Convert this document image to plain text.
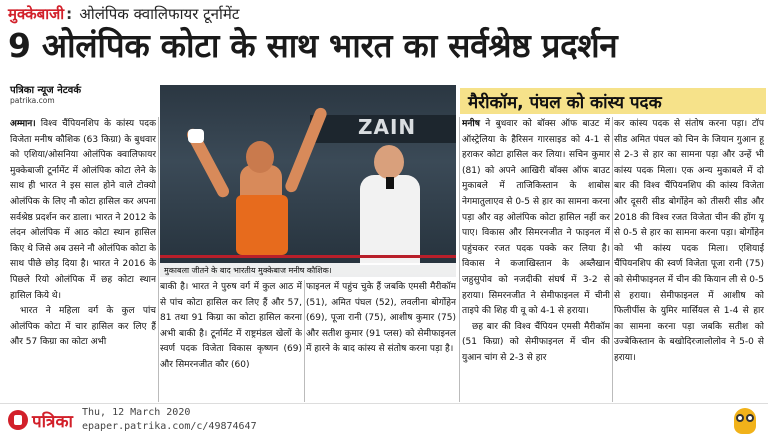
मुक्केबाजी : ओलंपिक क्वालिफायर टूर्नामेंट
9 ओलंपिक कोटा के साथ भारत का सर्वश्रेष्ठ प्रदर्शन
पत्रिका न्यूज नेटवर्क
patrika.com
ZAIN
मुकाबला जीतने के बाद भारतीय मुक्केबाज मनीष कौशिक।
मैरीकॉम, पंघल को कांस्य पदक

अम्मान। विश्व चैंपियनशिप के कांस्य पदक विजेता मनीष कौशिक (63 किग्रा) के बुधवार को एशिया/ओसनिया ओलंपिक क्वालिफायर मुक्केबाजी टूर्नामेंट में ओलंपिक कोटा लेने के साथ ही भारत ने इस साल होने वाले टोक्यो ओलंपिक के लिए नौ कोटा हासिल कर अपना सर्वश्रेष्ठ प्रदर्शन कर डाला। भारत ने 2012 के लंदन ओलंपिक में आठ कोटा स्थान हासिल किए थे जिसे अब उसने नौ ओलंपिक कोटा के साथ पीछे छोड़ दिया है। भारत ने 2016 के पिछले रियो ओलंपिक में छह कोटा स्थान हासिल किये थे।

भारत ने महिला वर्ग के कुल पांच ओलंपिक कोटा में चार हासिल कर लिए हैं और 57 किग्रा का कोटा अभी

बाकी है। भारत ने पुरुष वर्ग में कुल आठ में से पांच कोटा हासिल कर लिए हैं और 57, 81 तथा 91 किग्रा का कोटा हासिल करना अभी बाकी है। टूर्नामेंट में राष्ट्रमंडल खेलों के स्वर्ण पदक विजेता विकास कृष्णन (69) और सिमरनजीत कौर (60)

फाइनल में पहुंच चुके हैं जबकि एमसी मैरीकॉम (51), अमित पंघल (52), लवलीना बोर्गोहेन (69), पूजा रानी (75), आशीष कुमार (75) और सतीश कुमार (91 प्लस) को सेमीफाइनल में हारने के बाद कांस्य से संतोष करना पड़ा है।

मनीष ने बुधवार को बॉक्स ऑफ बाउट में ऑस्ट्रेलिया के हैरिसन गारसाइड को 4-1 से हराकर कोटा हासिल कर लिया। सचिन कुमार (81) को अपने आखिरी बॉक्स ऑफ बाउट मुकाबले में ताजिकिस्तान के शाबोस नेगमातुलाएव से 0-5 से हार का सामना करना पड़ा और वह ओलंपिक कोटा हासिल नहीं कर पाए। विकास और सिमरनजीत ने फाइनल में पहुंचकर रजत पदक पक्के कर लिया है। विकास ने कजाखिस्तान के अब्लैखान जहुसुपोव को नजदीकी संघर्ष में 3-2 से हराया। सिमरनजीत ने सेमीफाइनल में चीनी ताइपे की शिह यी वू को 4-1 से हराया।

छह बार की विश्व चैंपियन एमसी मैरीकॉम (51 किग्रा) को सेमीफाइनल में चीन की युआन चांग से 2-3 से हार

कर कांस्य पदक से संतोष करना पड़ा। टॉप सीड अमित पंघल को चिन के जियान गुआन हू से 2-3 से हार का सामना पड़ा और उन्हें भी कांस्य पदक मिला। एक अन्य मुकाबले में दो बार की विश्व चैंपियनशिप की कांस्य विजेता और दूसरी सीड बोर्गोहेन को तीसरी सीड और 2018 की विश्व रजत विजेता चीन की होंग यू से 0-5 से हार का सामना करना पड़ा। बोर्गोहेन को भी कांस्य पदक मिला। एशियाई चैंपियनशिप की स्वर्ण विजेता पूजा रानी (75) को सेमीफाइनल में चीन की कियान ली से 0-5 से हराया। सेमीफाइनल में आशीष को फिलीपींस के युमिर मार्सियल से 1-4 से हार का सामना करना पड़ा जबकि सतीश को उज्बेकिस्तान के बखोदिरजालोलोव ने 5-0 से हराया।

पत्रिका Thu, 12 March 2020
epaper.patrika.com/c/49874647
